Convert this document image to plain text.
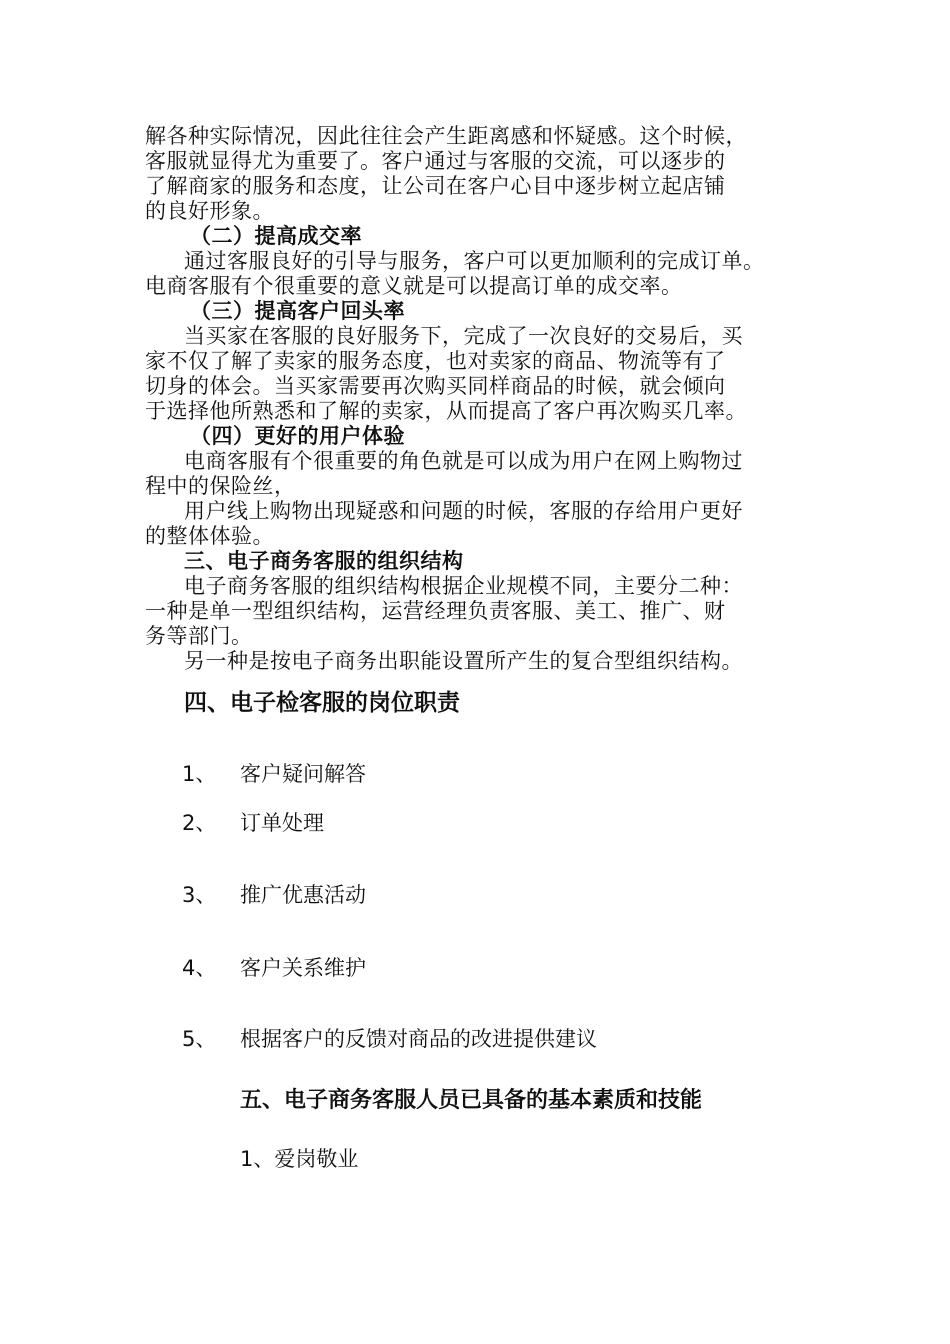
解各种实际情况，因此往往会产生距离感和怀疑感。这个时候，
客服就显得尤为重要了。客户通过与客服的交流，可以逐步的
了解商家的服务和态度，让公司在客户心目中逐步树立起店铺
的良好形象。
（二）提高成交率
通过客服良好的引导与服务，客户可以更加顺利的完成订单。
电商客服有个很重要的意义就是可以提高订单的成交率。
（三）提高客户回头率
当买家在客服的良好服务下，完成了一次良好的交易后，买
家不仅了解了卖家的服务态度，也对卖家的商品、物流等有了
切身的体会。当买家需要再次购买同样商品的时候，就会倾向
于选择他所熟悉和了解的卖家，从而提高了客户再次购买几率。
（四）更好的用户体验
电商客服有个很重要的角色就是可以成为用户在网上购物过
程中的保险丝，
用户线上购物出现疑惑和问题的时候，客服的存给用户更好
的整体体验。
三、电子商务客服的组织结构
电子商务客服的组织结构根据企业规模不同，主要分二种：
一种是单一型组织结构，运营经理负责客服、美工、推广、财
务等部门。
另一种是按电子商务出职能设置所产生的复合型组织结构。
四、电子检客服的岗位职责
1、 客户疑问解答
2、 订单处理
3、 推广优惠活动
4、 客户关系维护
5、 根据客户的反馈对商品的改进提供建议
五、电子商务客服人员已具备的基本素质和技能
1、爱岗敬业
